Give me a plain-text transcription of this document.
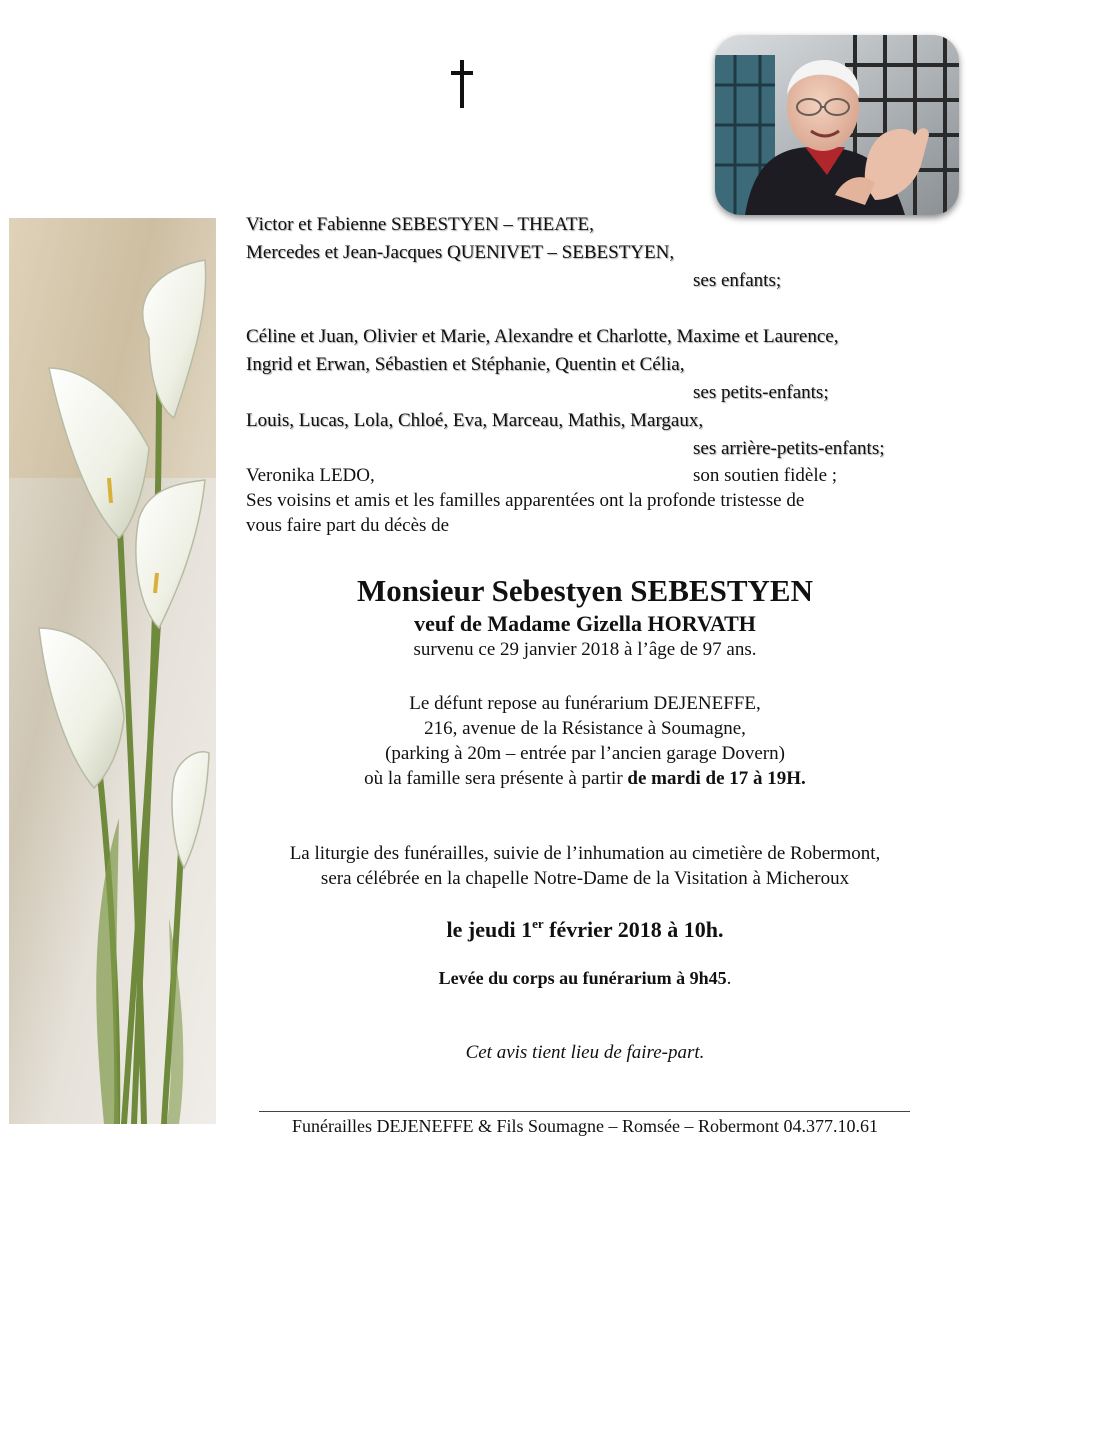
Victor et Fabienne SEBESTYEN – THEATE,
Mercedes et Jean-Jacques QUENIVET – SEBESTYEN,
ses enfants;
Céline et Juan, Olivier et Marie, Alexandre et Charlotte, Maxime et Laurence,
Ingrid et Erwan, Sébastien et Stéphanie, Quentin et Célia,
ses petits-enfants;
Louis, Lucas, Lola, Chloé, Eva, Marceau, Mathis, Margaux,
ses arrière-petits-enfants;
Veronika LEDO,	son soutien fidèle ;
Ses voisins et amis et les familles apparentées ont la profonde tristesse de
vous faire part du décès de
Monsieur Sebestyen SEBESTYEN
veuf de Madame Gizella HORVATH
survenu ce 29 janvier 2018 à l’âge de 97 ans.
Le défunt repose au funérarium DEJENEFFE,
216, avenue de la Résistance à Soumagne,
(parking à 20m – entrée par l’ancien garage Dovern)
où la famille sera présente à partir de mardi de 17 à 19H.
La liturgie des funérailles, suivie de l’inhumation au cimetière de Robermont,
sera célébrée en la chapelle Notre-Dame de la Visitation à Micheroux
le jeudi 1er février 2018 à 10h.
Levée du corps au funérarium à 9h45.
Cet avis tient lieu de faire-part.
Funérailles DEJENEFFE & Fils Soumagne – Romsée – Robermont 04.377.10.61
